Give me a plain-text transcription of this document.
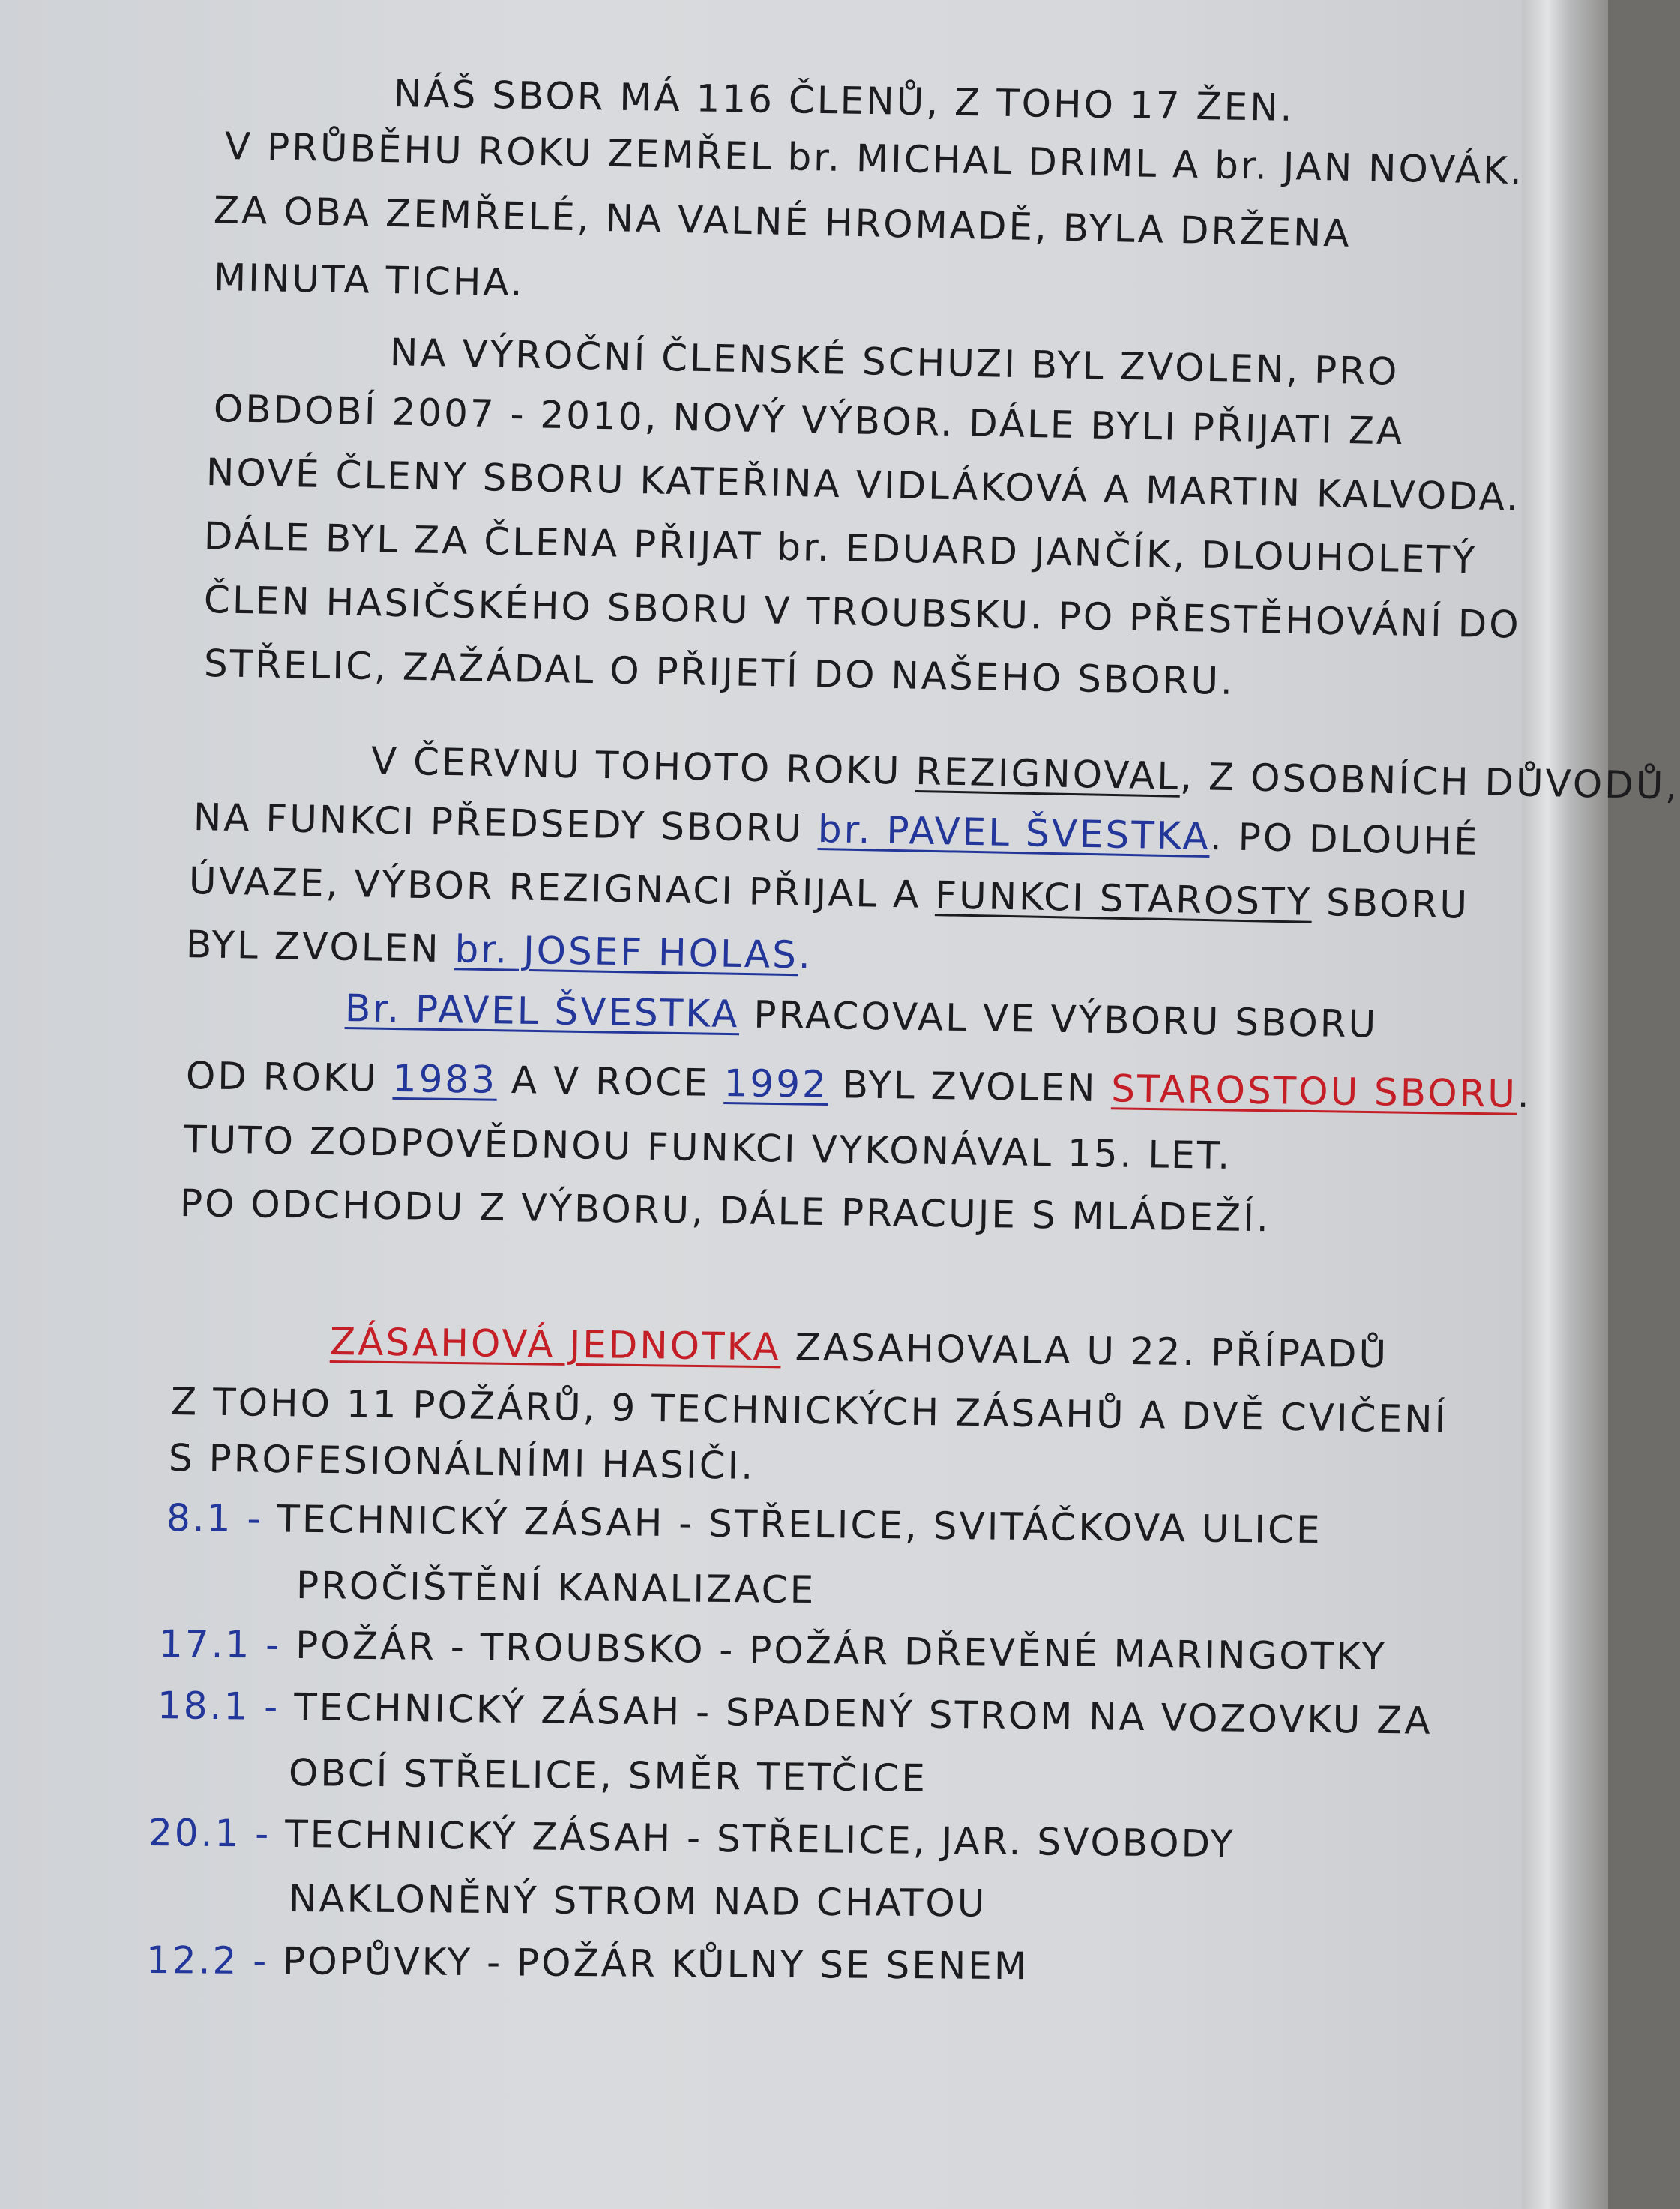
NÁŠ SBOR MÁ 116 ČLENŮ, Z TOHO 17 ŽEN.

V PRŮBĚHU ROKU ZEMŘEL br. MICHAL DRIML A br. JAN NOVÁK.

ZA OBA ZEMŘELÉ, NA VALNÉ HROMADĚ, BYLA DRŽENA

MINUTA TICHA.

NA VÝROČNÍ ČLENSKÉ SCHUZI BYL ZVOLEN, PRO

OBDOBÍ 2007 - 2010, NOVÝ VÝBOR. DÁLE BYLI PŘIJATI ZA

NOVÉ ČLENY SBORU KATEŘINA VIDLÁKOVÁ A MARTIN KALVODA.

DÁLE BYL ZA ČLENA PŘIJAT br. EDUARD JANČÍK, DLOUHOLETÝ

ČLEN HASIČSKÉHO SBORU V TROUBSKU. PO PŘESTĚHOVÁNÍ DO

STŘELIC, ZAŽÁDAL O PŘIJETÍ DO NAŠEHO SBORU.

V ČERVNU TOHOTO ROKU REZIGNOVAL, Z OSOBNÍCH DŮVODŮ,

NA FUNKCI PŘEDSEDY SBORU br. PAVEL ŠVESTKA. PO DLOUHÉ

ÚVAZE, VÝBOR REZIGNACI PŘIJAL A FUNKCI STAROSTY SBORU

BYL ZVOLEN br. JOSEF HOLAS.

Br. PAVEL ŠVESTKA PRACOVAL VE VÝBORU SBORU

OD ROKU 1983 A V ROCE 1992 BYL ZVOLEN STAROSTOU SBORU.

TUTO ZODPOVĚDNOU FUNKCI VYKONÁVAL 15. LET.

PO ODCHODU Z VÝBORU, DÁLE PRACUJE S MLÁDEŽÍ.

ZÁSAHOVÁ JEDNOTKA ZASAHOVALA U 22. PŘÍPADŮ

Z TOHO 11 POŽÁRŮ, 9 TECHNICKÝCH ZÁSAHŮ A DVĚ CVIČENÍ

S PROFESIONÁLNÍMI HASIČI.

8.1 - TECHNICKÝ ZÁSAH - STŘELICE, SVITÁČKOVA ULICE

PROČIŠTĚNÍ KANALIZACE

17.1 - POŽÁR - TROUBSKO - POŽÁR DŘEVĚNÉ MARINGOTKY

18.1 - TECHNICKÝ ZÁSAH - SPADENÝ STROM NA VOZOVKU ZA

OBCÍ STŘELICE, SMĚR TETČICE

20.1 - TECHNICKÝ ZÁSAH - STŘELICE, JAR. SVOBODY

NAKLONĚNÝ STROM NAD CHATOU

12.2 - POPŮVKY - POŽÁR KŮLNY SE SENEM
